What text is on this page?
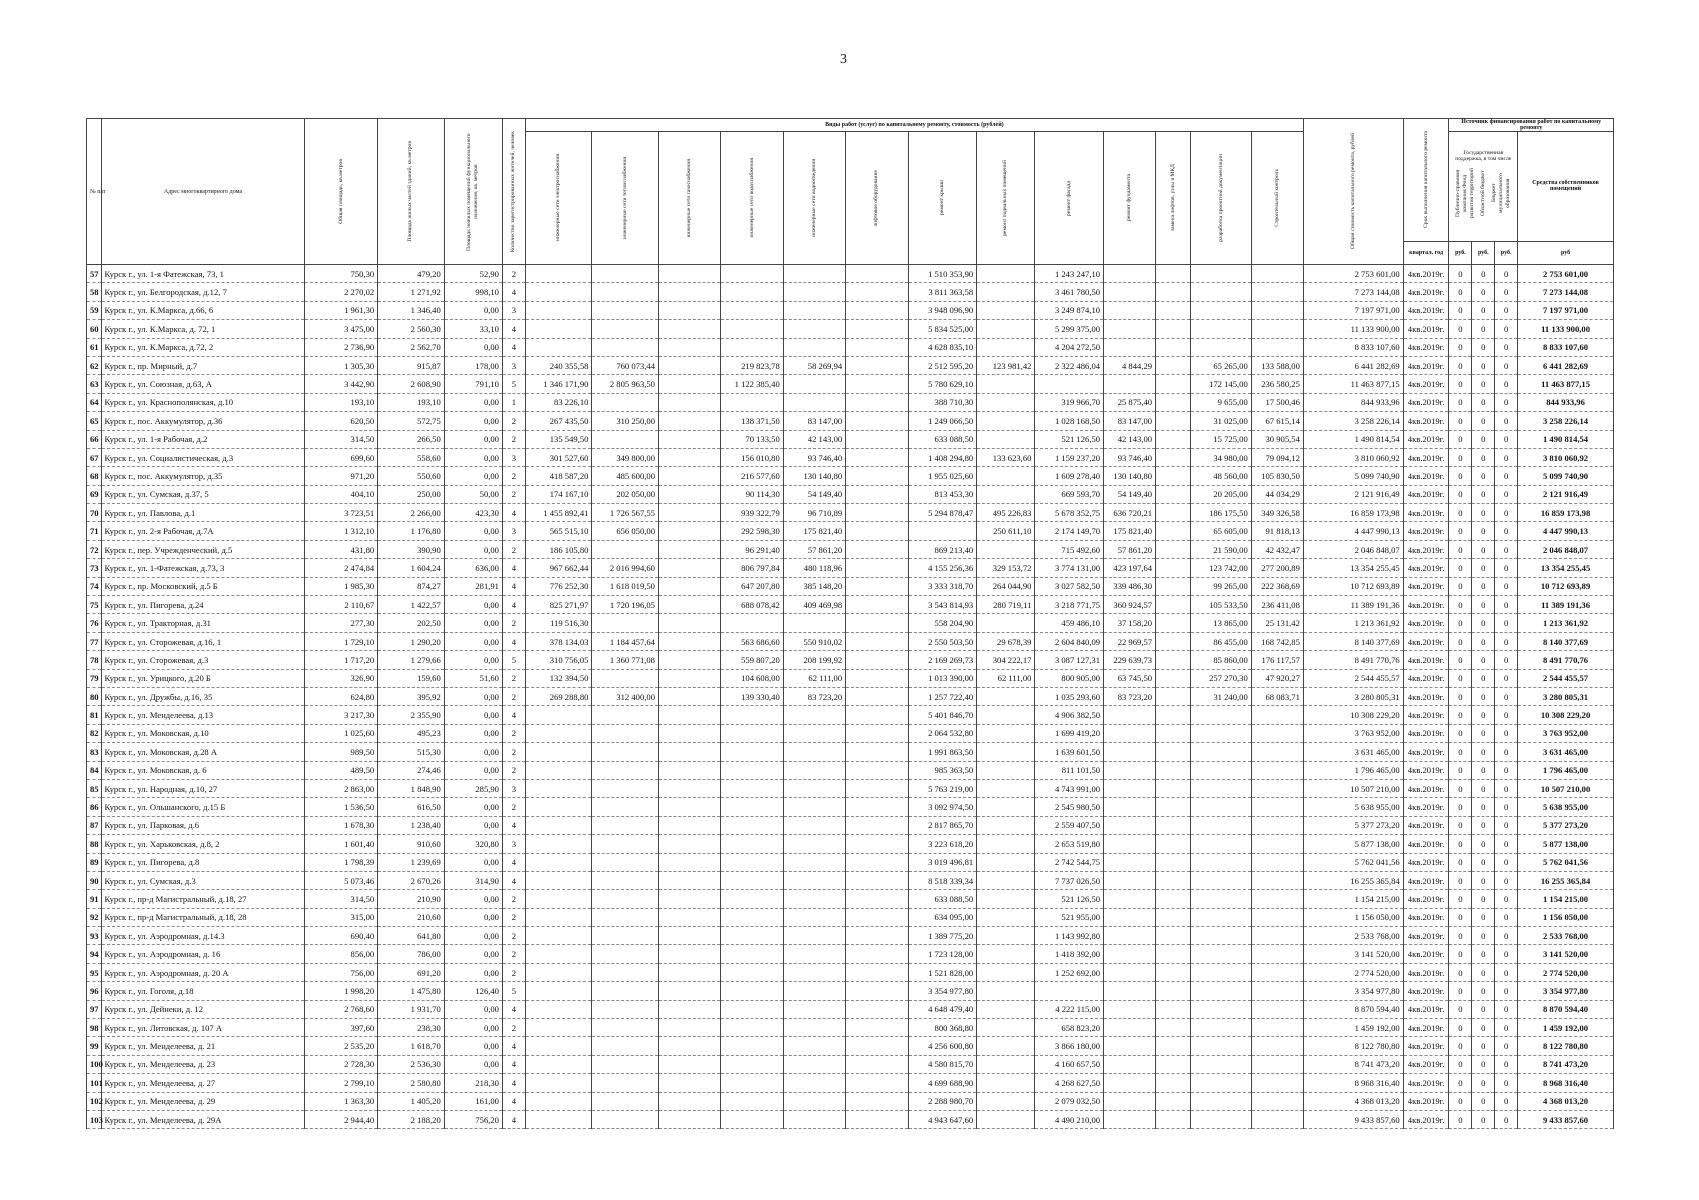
3
№ п/п	Адрес многоквартирного дома	Общая площадь, кв.метров	Площадь жилых частей зданий, кв.метров	Площадь нежилых помещений функционального назначения, кв. метров	Количество зарегистрированных жителей, человек	Виды работ (услуг) по капитальному ремонту, стоимость (рублей)													Общая стоимость капитального ремонта, рублей	Срок выполнения капитального ремонта	Источник финансирования работ по капитальному ремонту			

						инженерные сети электроснабжения	инженерные сети теплоснабжения	инженерные сети газоснабжения	инженерные сети водоснабжения	инженерные сети водоотведения	лифтовое оборудование	ремонт крыши	ремонт подвальных помещений	ремонт фасада	ремонт фундамента	замена лифтов, узлы в МКД	разработка проектной документации	Строительный контроль			Государственная поддержка, в том числе
Публично-правовая компания Фонд развития территорий Областной бюджет Бюджет муниципального образования			Средства собственников помещений
																				квартал, год	руб.	руб.	руб.	руб
57	Курск г., ул. 1-я Фатежская, 73, 1	750,30	479,20	52,90	2							1 510 353,90		1 243 247,10					2 753 601,00	4кв.2019г.	0	0	0	2 753 601,00
58	Курск г., ул. Белгородская, д.12, 7	2 270,02	1 271,92	998,10	4							3 811 363,58		3 461 780,50					7 273 144,08	4кв.2019г.	0	0	0	7 273 144,08
59	Курск г., ул. К.Маркса, д.66, 6	1 961,30	1 346,40	0,00	3							3 948 096,90		3 249 874,10					7 197 971,00	4кв.2019г.	0	0	0	7 197 971,00
60	Курск г., ул. К.Маркса, д. 72, 1	3 475,00	2 560,30	33,10	4							5 834 525,00		5 299 375,00					11 133 900,00	4кв.2019г.	0	0	0	11 133 900,00
61	Курск г., ул. К.Маркса, д.72, 2	2 736,90	2 562,70	0,00	4							4 628 835,10		4 204 272,50					8 833 107,60	4кв.2019г.	0	0	0	8 833 107,60
62	Курск г., пр. Мирный, д.7	1 305,30	915,87	178,00	3	240 355,58	760 073,44		219 823,78	58 269,94		2 512 595,20	123 981,42	2 322 486,04	4 844,29		65 265,00	133 588,00	6 441 282,69	4кв.2019г.	0	0	0	6 441 282,69
63	Курск г., ул. Союзная, д.63, А	3 442,90	2 608,90	791,10	5	1 346 171,90	2 805 963,50		1 122 385,40			5 780 629,10					172 145,00	236 580,25	11 463 877,15	4кв.2019г.	0	0	0	11 463 877,15
64	Курск г., ул. Краснополянская, д.10	193,10	193,10	0,00	1	83 226,10						388 710,30		319 966,70	25 875,40		9 655,00	17 500,46	844 933,96	4кв.2019г.	0	0	0	844 933,96
65	Курск г., пос. Аккумулятор, д.36	620,50	572,75	0,00	2	267 435,50	310 250,00		138 371,50	83 147,00		1 249 066,50		1 028 168,50	83 147,00		31 025,00	67 615,14	3 258 226,14	4кв.2019г.	0	0	0	3 258 226,14
66	Курск г., ул. 1-я Рабочая, д.2	314,50	266,50	0,00	2	135 549,50			70 133,50	42 143,00		633 088,50		521 126,50	42 143,00		15 725,00	30 905,54	1 490 814,54	4кв.2019г.	0	0	0	1 490 814,54
67	Курск г., ул. Социалистическая, д.3	699,60	558,60	0,00	3	301 527,60	349 800,00		156 010,80	93 746,40		1 408 294,80	133 623,60	1 159 237,20	93 746,40		34 980,00	79 094,12	3 810 060,92	4кв.2019г.	0	0	0	3 810 060,92
68	Курск г., пос. Аккумулятор, д.35	971,20	550,60	0,00	2	418 587,20	485 600,00		216 577,60	130 140,80		1 955 025,60		1 609 278,40	130 140,80		48 560,00	105 830,50	5 099 740,90	4кв.2019г.	0	0	0	5 099 740,90
69	Курск г., ул. Сумская, д.37, 5	404,10	250,00	50,00	2	174 167,10	202 050,00		90 114,30	54 149,40		813 453,30		669 593,70	54 149,40		20 205,00	44 034,29	2 121 916,49	4кв.2019г.	0	0	0	2 121 916,49
70	Курск г., ул. Павлова, д.1	3 723,51	2 266,00	423,30	4	1 455 892,41	1 726 567,55		939 322,79	96 710,89		5 294 878,47	495 226,83	5 678 352,75	636 720,21		186 175,50	349 326,58	16 859 173,98	4кв.2019г.	0	0	0	16 859 173,98
71	Курск г., ул. 2-я Рабочая, д.7А	1 312,10	1 176,80	0,00	3	565 515,10	656 050,00		292 598,30	175 821,40			250 611,10	2 174 149,70	175 821,40		65 605,00	91 818,13	4 447 990,13	4кв.2019г.	0	0	0	4 447 990,13
72	Курск г., пер. Учрежденческий, д.5	431,80	390,90	0,00	2	186 105,80			96 291,40	57 861,20		869 213,40		715 492,60	57 861,20		21 590,00	42 432,47	2 046 848,07	4кв.2019г.	0	0	0	2 046 848,07
73	Курск г., ул. 1-Фатежская, д.73, 3	2 474,84	1 604,24	636,00	4	967 662,44	2 016 994,60		806 797,84	480 118,96		4 155 256,36	329 153,72	3 774 131,00	423 197,64		123 742,00	277 200,89	13 354 255,45	4кв.2019г.	0	0	0	13 354 255,45
74	Курск г., пр. Московский, д.5 Б	1 985,30	874,27	281,91	4	776 252,30	1 618 019,50		647 207,80	385 148,20		3 333 318,70	264 044,90	3 027 582,50	339 486,30		99 265,00	222 368,69	10 712 693,89	4кв.2019г.	0	0	0	10 712 693,89
75	Курск г., ул. Пигорева, д.24	2 110,67	1 422,57	0,00	4	825 271,97	1 720 196,05		688 078,42	409 469,98		3 543 814,93	280 719,11	3 218 771,75	360 924,57		105 533,50	236 411,08	11 389 191,36	4кв.2019г.	0	0	0	11 389 191,36
76	Курск г., ул. Тракторная, д.31	277,30	202,50	0,00	2	119 516,30						558 204,90		459 486,10	37 158,20		13 865,00	25 131,42	1 213 361,92	4кв.2019г.	0	0	0	1 213 361,92
77	Курск г., ул. Сторожевая, д.16, 1	1 729,10	1 290,20	0,00	4	378 134,03	1 184 457,64		563 686,60	550 910,02		2 550 503,50	29 678,39	2 604 840,09	22 969,57		86 455,00	168 742,85	8 140 377,69	4кв.2019г.	0	0	0	8 140 377,69
78	Курск г., ул. Сторожевая, д.3	1 717,20	1 279,66	0,00	5	310 756,05	1 360 771,08		559 807,20	208 199,92		2 169 269,73	304 222,17	3 087 127,31	229 639,73		85 860,00	176 117,57	8 491 770,76	4кв.2019г.	0	0	0	8 491 770,76
79	Курск г., ул. Урицкого, д.20 Б	326,90	159,60	51,60	2	132 394,50			104 608,00	62 111,00		1 013 390,00	62 111,00	800 905,00	63 745,50		257 270,30	47 920,27	2 544 455,57	4кв.2019г.	0	0	0	2 544 455,57
80	Курск г., ул. Дружбы, д.16, 35	624,80	395,92	0,00	2	269 288,80	312 400,00		139 330,40	83 723,20		1 257 722,40		1 035 293,60	83 723,20		31 240,00	68 083,71	3 280 805,31	4кв.2019г.	0	0	0	3 280 805,31
81	Курск г., ул. Менделеева, д.13	3 217,30	2 355,90	0,00	4							5 401 846,70		4 906 382,50					10 308 229,20	4кв.2019г.	0	0	0	10 308 229,20
82	Курск г., ул. Моковская, д.10	1 025,60	495,23	0,00	2							2 064 532,80		1 699 419,20					3 763 952,00	4кв.2019г.	0	0	0	3 763 952,00
83	Курск г., ул. Моковская, д.28 А	989,50	515,30	0,00	2							1 991 863,50		1 639 601,50					3 631 465,00	4кв.2019г.	0	0	0	3 631 465,00
84	Курск г., ул. Моковская, д. 6	489,50	274,46	0,00	2							985 363,50		811 101,50					1 796 465,00	4кв.2019г.	0	0	0	1 796 465,00
85	Курск г., ул. Народная, д.10, 27	2 863,00	1 848,90	285,90	3							5 763 219,00		4 743 991,00					10 507 210,00	4кв.2019г.	0	0	0	10 507 210,00
86	Курск г., ул. Ольшанского, д.15 Б	1 536,50	616,50	0,00	2							3 092 974,50		2 545 980,50					5 638 955,00	4кв.2019г.	0	0	0	5 638 955,00
87	Курск г., ул. Парковая, д.6	1 678,30	1 238,40	0,00	4							2 817 865,70		2 559 407,50					5 377 273,20	4кв.2019г.	0	0	0	5 377 273,20
88	Курск г., ул. Харьковская, д.8, 2	1 601,40	910,60	320,80	3							3 223 618,20		2 653 519,80					5 877 138,00	4кв.2019г.	0	0	0	5 877 138,00
89	Курск г., ул. Пигорева, д.8	1 798,39	1 239,69	0,00	4							3 019 496,81		2 742 544,75					5 762 041,56	4кв.2019г.	0	0	0	5 762 041,56
90	Курск г., ул. Сумская, д.3	5 073,46	2 670,26	314,90	4							8 518 339,34		7 737 026,50					16 255 365,84	4кв.2019г.	0	0	0	16 255 365,84
91	Курск г., пр-д Магистральный, д.18, 27	314,50	210,90	0,00	2							633 088,50		521 126,50					1 154 215,00	4кв.2019г.	0	0	0	1 154 215,00
92	Курск г., пр-д Магистральный, д.18, 28	315,00	210,60	0,00	2							634 095,00		521 955,00					1 156 050,00	4кв.2019г.	0	0	0	1 156 050,00
93	Курск г., ул. Аэродромная, д.14.3	690,40	641,80	0,00	2							1 389 775,20		1 143 992,80					2 533 768,00	4кв.2019г.	0	0	0	2 533 768,00
94	Курск г., ул. Аэродромная, д. 16	856,00	786,00	0,00	2							1 723 128,00		1 418 392,00					3 141 520,00	4кв.2019г.	0	0	0	3 141 520,00
95	Курск г., ул. Аэродромная, д. 20 А	756,00	691,20	0,00	2							1 521 828,00		1 252 692,00					2 774 520,00	4кв.2019г.	0	0	0	2 774 520,00
96	Курск г., ул. Гоголя, д.18	1 998,20	1 475,80	126,40	5							3 354 977,80							3 354 977,80	4кв.2019г.	0	0	0	3 354 977,80
97	Курск г., ул. Дейнеки, д. 12	2 768,60	1 931,70	0,00	4							4 648 479,40		4 222 115,00					8 870 594,40	4кв.2019г.	0	0	0	8 870 594,40
98	Курск г., ул. Литовская, д. 107 А	397,60	238,30	0,00	2							800 368,80		658 823,20					1 459 192,00	4кв.2019г.	0	0	0	1 459 192,00
99	Курск г., ул. Менделеева, д. 21	2 535,20	1 618,70	0,00	4							4 256 600,80		3 866 180,00					8 122 780,80	4кв.2019г.	0	0	0	8 122 780,80
100	Курск г., ул. Менделеева, д. 23	2 728,30	2 536,30	0,00	4							4 580 815,70		4 160 657,50					8 741 473,20	4кв.2019г.	0	0	0	8 741 473,20
101	Курск г., ул. Менделеева, д. 27	2 799,10	2 580,80	218,30	4							4 699 688,90		4 268 627,50					8 968 316,40	4кв.2019г.	0	0	0	8 968 316,40
102	Курск г., ул. Менделеева, д. 29	1 363,30	1 405,20	161,00	4							2 288 980,70		2 079 032,50					4 368 013,20	4кв.2019г.	0	0	0	4 368 013,20
103	Курск г., ул. Менделеева, д. 29А	2 944,40	2 188,20	756,20	4							4 943 647,60		4 490 210,00					9 433 857,60	4кв.2019г.	0	0	0	9 433 857,60
